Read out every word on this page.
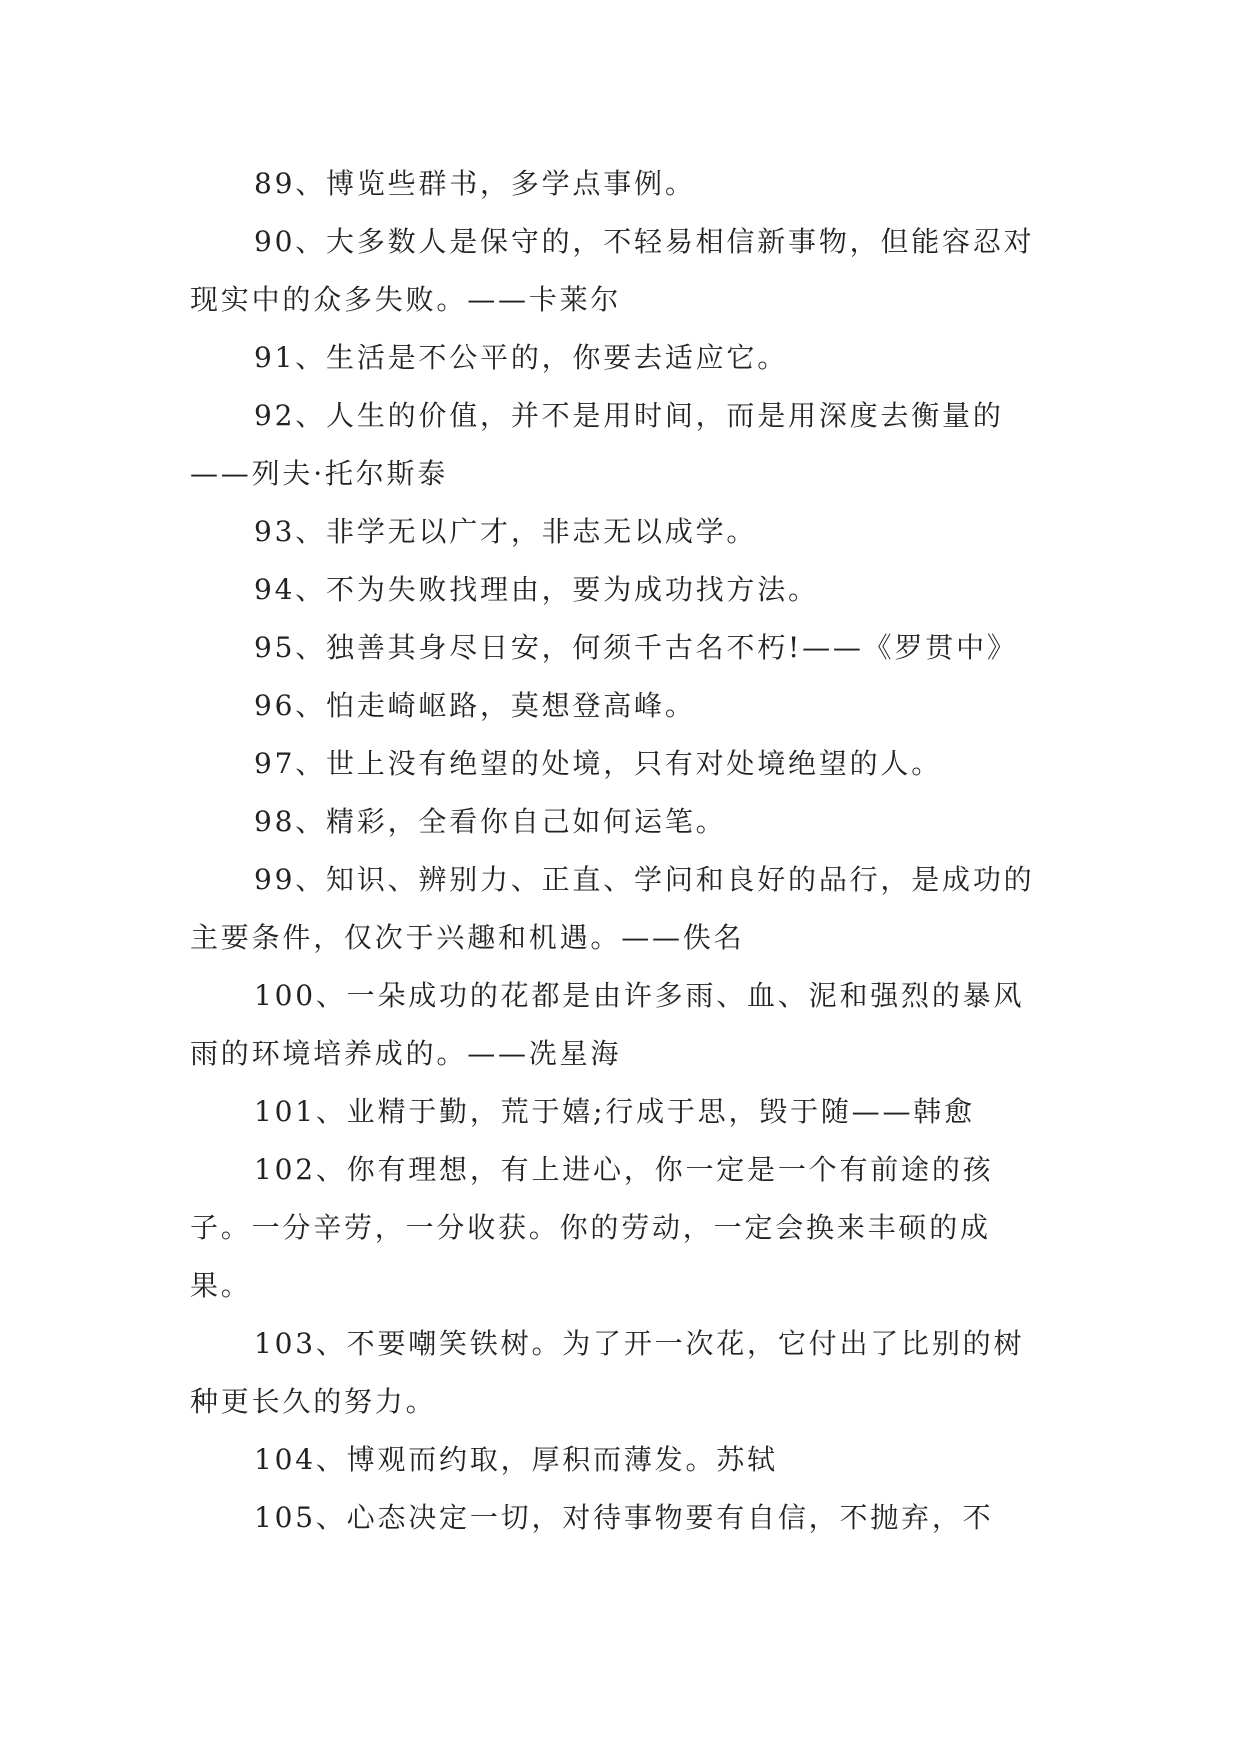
89、博览些群书，多学点事例。

90、大多数人是保守的，不轻易相信新事物，但能容忍对现实中的众多失败。——卡莱尔

91、生活是不公平的，你要去适应它。

92、人生的价值，并不是用时间，而是用深度去衡量的——列夫·托尔斯泰

93、非学无以广才，非志无以成学。

94、不为失败找理由，要为成功找方法。

95、独善其身尽日安，何须千古名不朽!——《罗贯中》

96、怕走崎岖路，莫想登高峰。

97、世上没有绝望的处境，只有对处境绝望的人。

98、精彩，全看你自己如何运笔。

99、知识、辨别力、正直、学问和良好的品行，是成功的主要条件，仅次于兴趣和机遇。——佚名

100、一朵成功的花都是由许多雨、血、泥和强烈的暴风雨的环境培养成的。——冼星海

101、业精于勤，荒于嬉;行成于思，毁于随——韩愈

102、你有理想，有上进心，你一定是一个有前途的孩子。一分辛劳，一分收获。你的劳动，一定会换来丰硕的成果。

103、不要嘲笑铁树。为了开一次花，它付出了比别的树种更长久的努力。

104、博观而约取，厚积而薄发。苏轼

105、心态决定一切，对待事物要有自信，不抛弃，不
